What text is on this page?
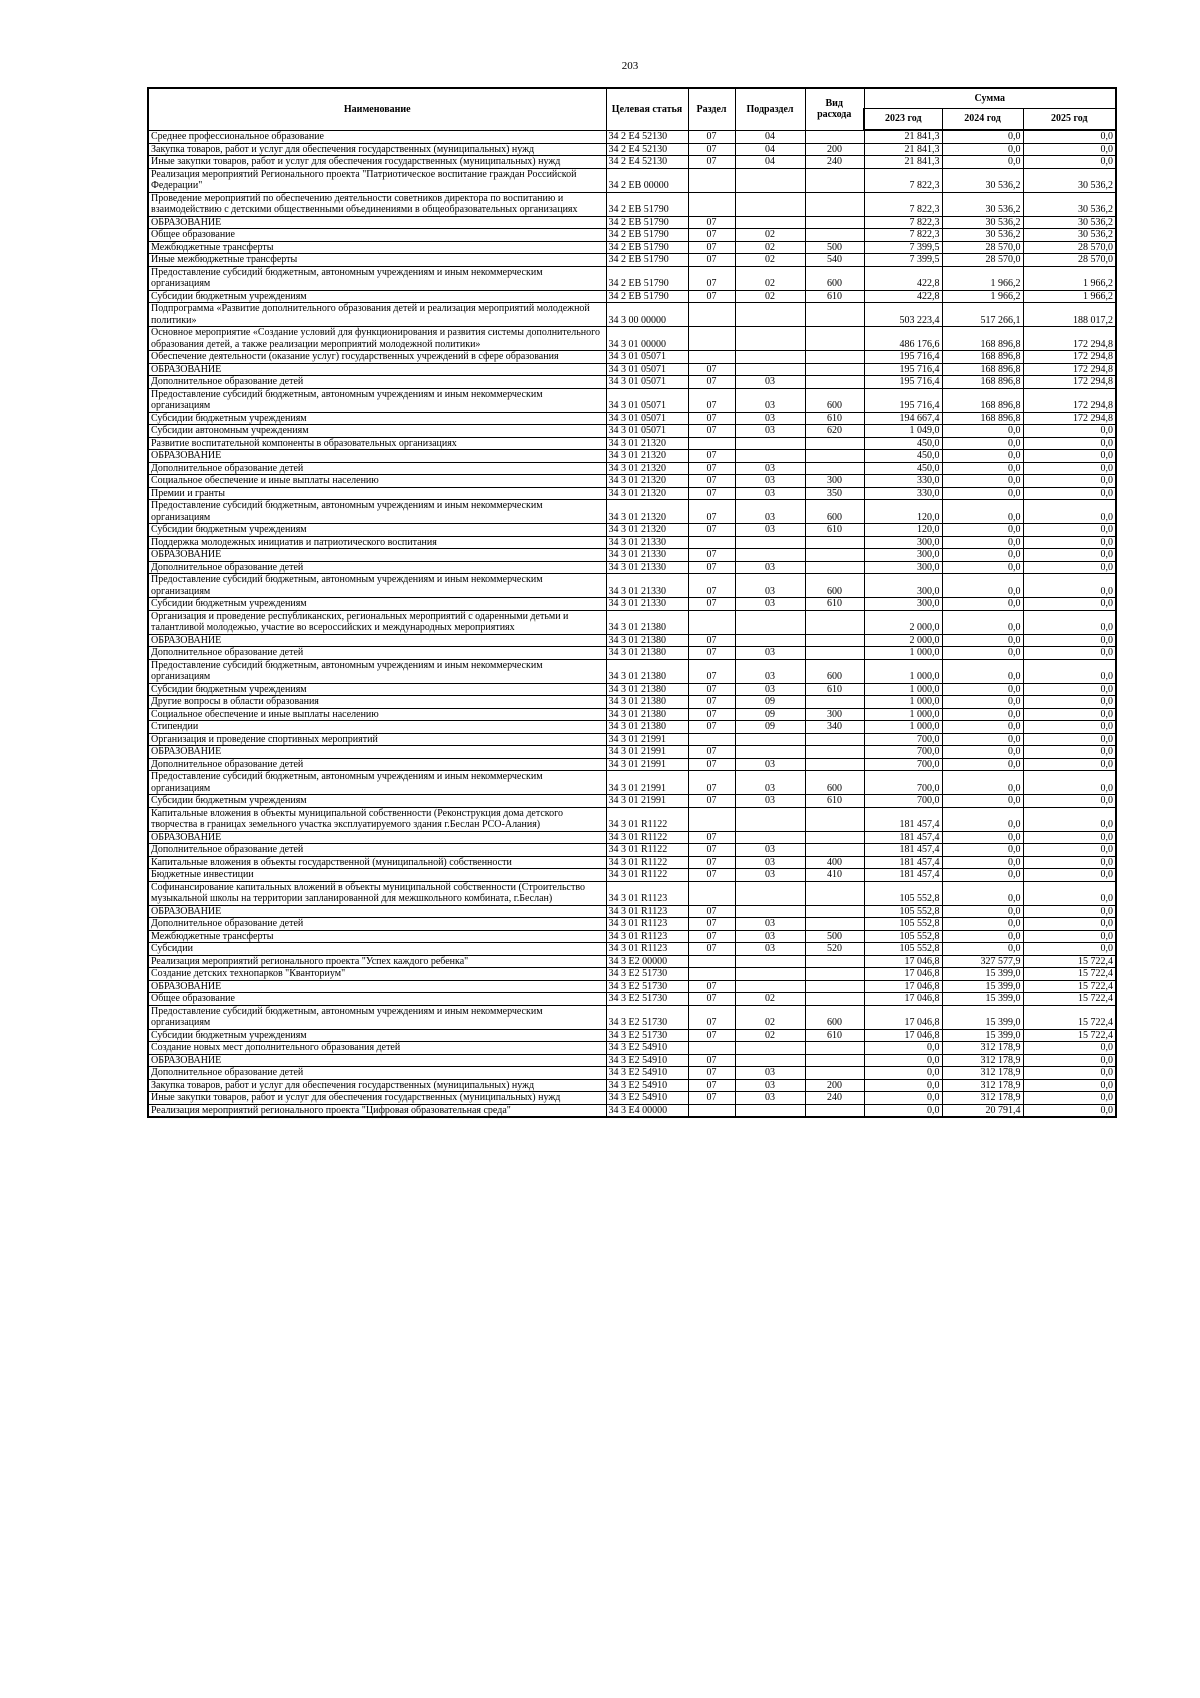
203
Наименование	Целевая статья	Раздел	Подраздел	Вид расхода	Сумма		
					2023 год	2024 год	2025 год
Среднее профессиональное образование	34 2 E4 52130	07	04		21 841,3	0,0	0,0
Закупка товаров, работ и услуг для обеспечения государственных (муниципальных) нужд	34 2 E4 52130	07	04	200	21 841,3	0,0	0,0
Иные закупки товаров, работ и услуг для обеспечения государственных (муниципальных) нужд	34 2 E4 52130	07	04	240	21 841,3	0,0	0,0
Реализация мероприятий Регионального проекта "Патриотическое воспитание граждан Российской Федерации"	34 2 EB 00000				7 822,3	30 536,2	30 536,2
Проведение мероприятий по обеспечению деятельности советников директора по воспитанию и взаимодействию с детскими общественными объединениями в общеобразовательных организациях	34 2 EB 51790				7 822,3	30 536,2	30 536,2
ОБРАЗОВАНИЕ	34 2 EB 51790	07			7 822,3	30 536,2	30 536,2
Общее образование	34 2 EB 51790	07	02		7 822,3	30 536,2	30 536,2
Межбюджетные трансферты	34 2 EB 51790	07	02	500	7 399,5	28 570,0	28 570,0
Иные межбюджетные трансферты	34 2 EB 51790	07	02	540	7 399,5	28 570,0	28 570,0
Предоставление субсидий бюджетным, автономным учреждениям и иным некоммерческим организациям	34 2 EB 51790	07	02	600	422,8	1 966,2	1 966,2
Субсидии бюджетным учреждениям	34 2 EB 51790	07	02	610	422,8	1 966,2	1 966,2
Подпрограмма «Развитие дополнительного образования детей и реализация мероприятий молодежной политики»	34 3 00 00000				503 223,4	517 266,1	188 017,2
Основное мероприятие «Создание условий для функционирования и развития системы дополнительного образования детей, а также реализации мероприятий молодежной политики»	34 3 01 00000				486 176,6	168 896,8	172 294,8
Обеспечение деятельности (оказание услуг) государственных учреждений в сфере образования	34 3 01 05071				195 716,4	168 896,8	172 294,8
ОБРАЗОВАНИЕ	34 3 01 05071	07			195 716,4	168 896,8	172 294,8
Дополнительное образование детей	34 3 01 05071	07	03		195 716,4	168 896,8	172 294,8
Предоставление субсидий бюджетным, автономным учреждениям и иным некоммерческим организациям	34 3 01 05071	07	03	600	195 716,4	168 896,8	172 294,8
Субсидии бюджетным учреждениям	34 3 01 05071	07	03	610	194 667,4	168 896,8	172 294,8
Субсидии автономным учреждениям	34 3 01 05071	07	03	620	1 049,0	0,0	0,0
Развитие воспитательной компоненты в образовательных организациях	34 3 01 21320				450,0	0,0	0,0
ОБРАЗОВАНИЕ	34 3 01 21320	07			450,0	0,0	0,0
Дополнительное образование детей	34 3 01 21320	07	03		450,0	0,0	0,0
Социальное обеспечение и иные выплаты населению	34 3 01 21320	07	03	300	330,0	0,0	0,0
Премии и гранты	34 3 01 21320	07	03	350	330,0	0,0	0,0
Предоставление субсидий бюджетным, автономным учреждениям и иным некоммерческим организациям	34 3 01 21320	07	03	600	120,0	0,0	0,0
Субсидии бюджетным учреждениям	34 3 01 21320	07	03	610	120,0	0,0	0,0
Поддержка молодежных инициатив и патриотического воспитания	34 3 01 21330				300,0	0,0	0,0
ОБРАЗОВАНИЕ	34 3 01 21330	07			300,0	0,0	0,0
Дополнительное образование детей	34 3 01 21330	07	03		300,0	0,0	0,0
Предоставление субсидий бюджетным, автономным учреждениям и иным некоммерческим организациям	34 3 01 21330	07	03	600	300,0	0,0	0,0
Субсидии бюджетным учреждениям	34 3 01 21330	07	03	610	300,0	0,0	0,0
Организация и проведение республиканских, региональных мероприятий с одаренными детьми и талантливой молодежью, участие во всероссийских и международных мероприятиях	34 3 01 21380				2 000,0	0,0	0,0
ОБРАЗОВАНИЕ	34 3 01 21380	07			2 000,0	0,0	0,0
Дополнительное образование детей	34 3 01 21380	07	03		1 000,0	0,0	0,0
Предоставление субсидий бюджетным, автономным учреждениям и иным некоммерческим организациям	34 3 01 21380	07	03	600	1 000,0	0,0	0,0
Субсидии бюджетным учреждениям	34 3 01 21380	07	03	610	1 000,0	0,0	0,0
Другие вопросы в области образования	34 3 01 21380	07	09		1 000,0	0,0	0,0
Социальное обеспечение и иные выплаты населению	34 3 01 21380	07	09	300	1 000,0	0,0	0,0
Стипендии	34 3 01 21380	07	09	340	1 000,0	0,0	0,0
Организация и проведение спортивных мероприятий	34 3 01 21991				700,0	0,0	0,0
ОБРАЗОВАНИЕ	34 3 01 21991	07			700,0	0,0	0,0
Дополнительное образование детей	34 3 01 21991	07	03		700,0	0,0	0,0
Предоставление субсидий бюджетным, автономным учреждениям и иным некоммерческим организациям	34 3 01 21991	07	03	600	700,0	0,0	0,0
Субсидии бюджетным учреждениям	34 3 01 21991	07	03	610	700,0	0,0	0,0
Капитальные вложения в объекты муниципальной собственности (Реконструкция дома детского творчества в границах земельного участка эксплуатируемого здания г.Беслан РСО-Алания)	34 3 01 R1122				181 457,4	0,0	0,0
ОБРАЗОВАНИЕ	34 3 01 R1122	07			181 457,4	0,0	0,0
Дополнительное образование детей	34 3 01 R1122	07	03		181 457,4	0,0	0,0
Капитальные вложения в объекты государственной (муниципальной) собственности	34 3 01 R1122	07	03	400	181 457,4	0,0	0,0
Бюджетные инвестиции	34 3 01 R1122	07	03	410	181 457,4	0,0	0,0
Софинансирование капитальных вложений в объекты муниципальной собственности (Строительство музыкальной школы на территории запланированной для межшкольного комбината, г.Беслан)	34 3 01 R1123				105 552,8	0,0	0,0
ОБРАЗОВАНИЕ	34 3 01 R1123	07			105 552,8	0,0	0,0
Дополнительное образование детей	34 3 01 R1123	07	03		105 552,8	0,0	0,0
Межбюджетные трансферты	34 3 01 R1123	07	03	500	105 552,8	0,0	0,0
Субсидии	34 3 01 R1123	07	03	520	105 552,8	0,0	0,0
Реализация мероприятий регионального проекта "Успех каждого ребенка"	34 3 E2 00000				17 046,8	327 577,9	15 722,4
Создание детских технопарков "Кванториум"	34 3 E2 51730				17 046,8	15 399,0	15 722,4
ОБРАЗОВАНИЕ	34 3 E2 51730	07			17 046,8	15 399,0	15 722,4
Общее образование	34 3 E2 51730	07	02		17 046,8	15 399,0	15 722,4
Предоставление субсидий бюджетным, автономным учреждениям и иным некоммерческим организациям	34 3 E2 51730	07	02	600	17 046,8	15 399,0	15 722,4
Субсидии бюджетным учреждениям	34 3 E2 51730	07	02	610	17 046,8	15 399,0	15 722,4
Создание новых мест дополнительного образования детей	34 3 E2 54910				0,0	312 178,9	0,0
ОБРАЗОВАНИЕ	34 3 E2 54910	07			0,0	312 178,9	0,0
Дополнительное образование детей	34 3 E2 54910	07	03		0,0	312 178,9	0,0
Закупка товаров, работ и услуг для обеспечения государственных (муниципальных) нужд	34 3 E2 54910	07	03	200	0,0	312 178,9	0,0
Иные закупки товаров, работ и услуг для обеспечения государственных (муниципальных) нужд	34 3 E2 54910	07	03	240	0,0	312 178,9	0,0
Реализация мероприятий регионального проекта "Цифровая образовательная среда"	34 3 E4 00000				0,0	20 791,4	0,0
